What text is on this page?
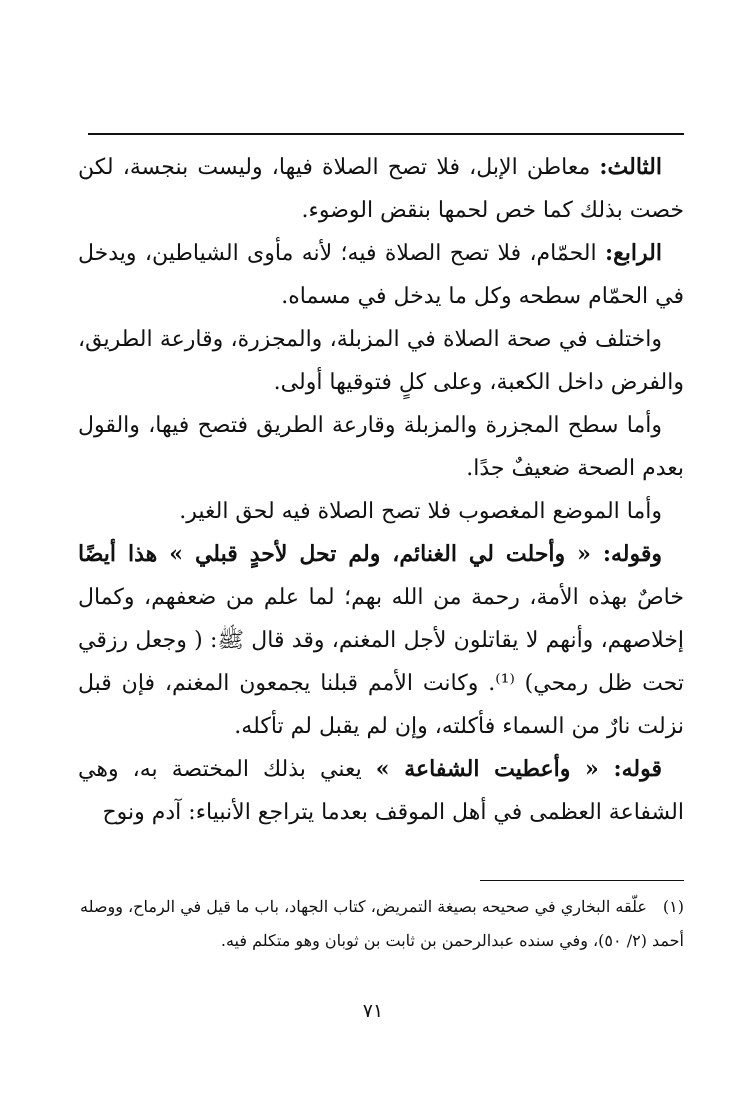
الثالث: معاطن الإبل، فلا تصح الصلاة فيها، وليست بنجسة، لكن خصت بذلك كما خص لحمها بنقض الوضوء.

الرابع: الحمّام، فلا تصح الصلاة فيه؛ لأنه مأوى الشياطين، ويدخل في الحمّام سطحه وكل ما يدخل في مسماه.

واختلف في صحة الصلاة في المزبلة، والمجزرة، وقارعة الطريق، والفرض داخل الكعبة، وعلى كلٍ فتوقيها أولى.

وأما سطح المجزرة والمزبلة وقارعة الطريق فتصح فيها، والقول بعدم الصحة ضعيفٌ جدًا.

وأما الموضع المغصوب فلا تصح الصلاة فيه لحق الغير.

وقوله: « وأحلت لي الغنائم، ولم تحل لأحدٍ قبلي » هذا أيضًا خاصٌ بهذه الأمة، رحمة من الله بهم؛ لما علم من ضعفهم، وكمال إخلاصهم، وأنهم لا يقاتلون لأجل المغنم، وقد قال ﷺ: ( وجعل رزقي تحت ظل رمحي) ⁽¹⁾. وكانت الأمم قبلنا يجمعون المغنم، فإن قبل نزلت نارٌ من السماء فأكلته، وإن لم يقبل لم تأكله.

قوله: « وأعطيت الشفاعة » يعني بذلك المختصة به، وهي الشفاعة العظمى في أهل الموقف بعدما يتراجع الأنبياء: آدم ونوح

(١)علّقه البخاري في صحيحه بصيغة التمريض، كتاب الجهاد، باب ما قيل في الرماح، ووصله أحمد (٢/ ٥٠)، وفي سنده عبدالرحمن بن ثابت بن ثوبان وهو متكلم فيه.
٧١
